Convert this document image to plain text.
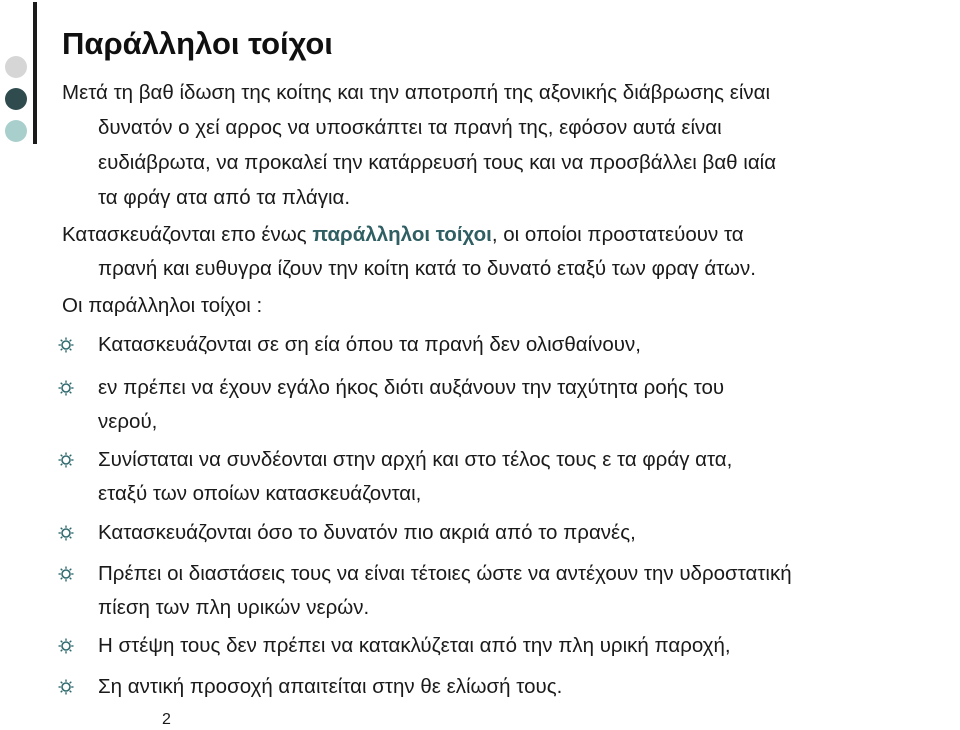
Παράλληλοι τοίχοι

Μετά τη βαθ ίδωση της κοίτης και την αποτροπή της αξονικής διάβρωσης είναι

δυνατόν ο χεί αρρος να υποσκάπτει τα πρανή της, εφόσον αυτά είναι

ευδιάβρωτα, να προκαλεί την κατάρρευσή τους και να προσβάλλει βαθ ιαία

τα φράγ ατα από τα πλάγια.

Κατασκευάζονται επο ένως παράλληλοι τοίχοι, οι οποίοι προστατεύουν τα

πρανή και ευθυγρα ίζουν την κοίτη κατά το δυνατό εταξύ των φραγ άτων.

Οι παράλληλοι τοίχοι :

Κατασκευάζονται σε ση εία όπου τα πρανή δεν ολισθαίνουν,

εν πρέπει να έχουν εγάλο ήκος διότι αυξάνουν την ταχύτητα ροής του

νερού,

Συνίσταται να συνδέονται στην αρχή και στο τέλος τους ε τα φράγ ατα,

εταξύ των οποίων κατασκευάζονται,

Κατασκευάζονται όσο το δυνατόν πιο ακριά από το πρανές,

Πρέπει οι διαστάσεις τους να είναι τέτοιες ώστε να αντέχουν την υδροστατική

πίεση των πλη υρικών νερών.

Η στέψη τους δεν πρέπει να κατακλύζεται από την πλη υρική παροχή,

Ση αντική προσοχή απαιτείται στην θε ελίωσή τους.

2
